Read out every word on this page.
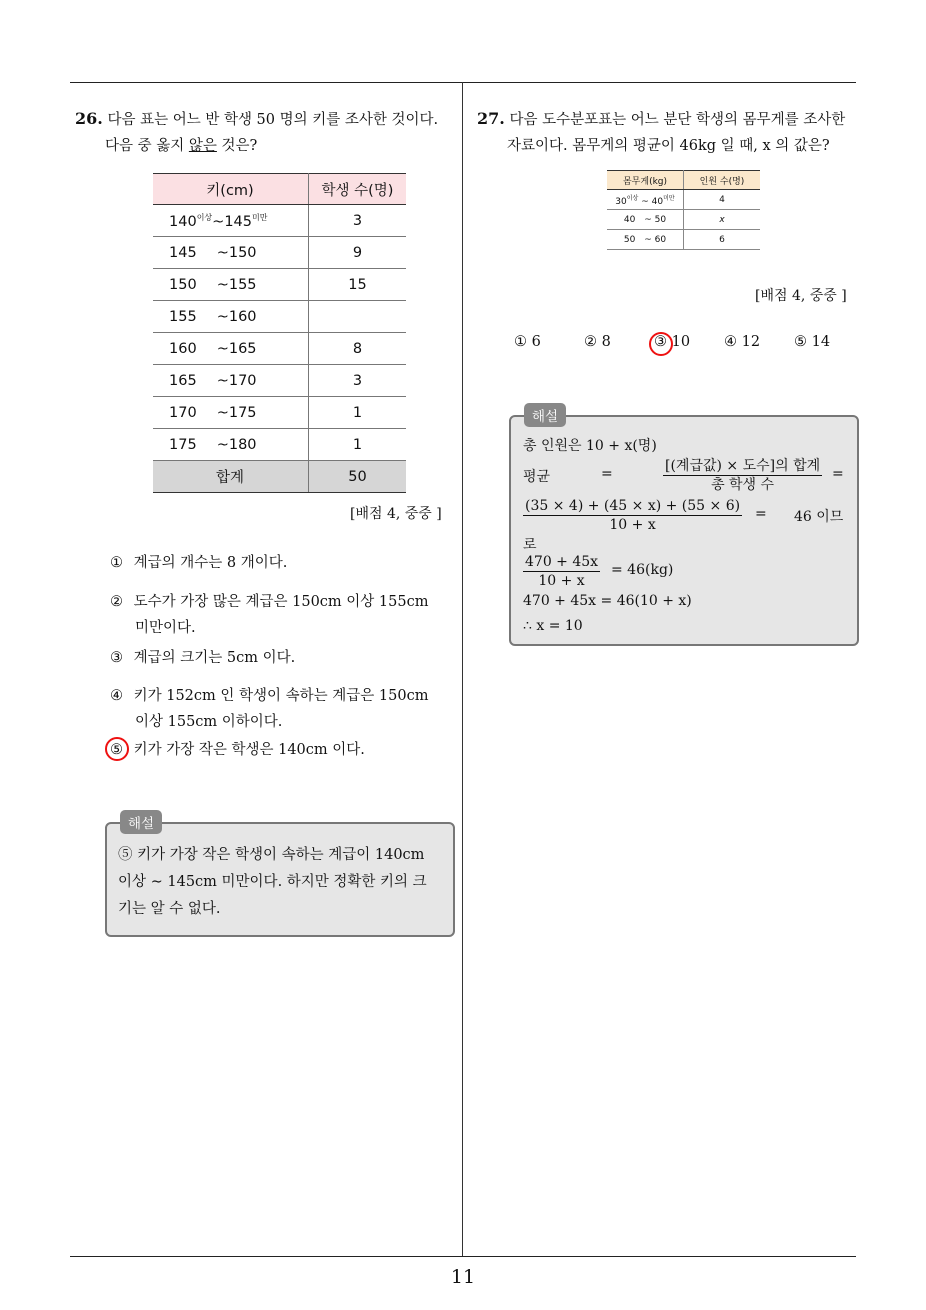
11
26. 다음 표는 어느 반 학생 50 명의 키를 조사한 것이다.
다음 중 옳지 않은 것은?
키(cm)	학생 수(명)
$140^{이상}\sim 145^{미만}$	3
145 ~150	9
150 ~155	15
155 ~160	
160 ~165	8
165 ~170	3
170 ~175	1
175 ~180	1
합계	50
[배점 4, 중중 ]
① 계급의 개수는 8 개이다.
② 도수가 가장 많은 계급은 150cm 이상 155cm
미만이다.
③ 계급의 크기는 5cm 이다.
④ 키가 152cm 인 학생이 속하는 계급은 150cm
이상 155cm 이하이다.
⑤ 키가 가장 작은 학생은 140cm 이다.
⑤ 키가 가장 작은 학생이 속하는 계급이 140cm
이상 ∼ 145cm 미만이다. 하지만 정확한 키의 크
기는 알 수 없다.
해설
27. 다음 도수분포표는 어느 분단 학생의 몸무게를 조사한
자료이다. 몸무게의 평균이 46kg 일 때, x 의 값은?
몸무게(kg)	인원 수(명)
$30^{이상}$ ~ $40^{미만}$	4
40 ~ 50	x
50 ~ 60	6
[배점 4, 중중 ]
① 6	② 8	③ 10 ④ 12 ⑤ 14
총 인원은 10 + x(명)
평균	=	[(계급값) × 도수]의 합계
총 학생 수
=
$\frac{(35 \times 4) + (45 \times x) + (55 \times 6)}{10 + x} = 46$ 이므
로
$\frac{470 + 45x}{10 + x} = 46(kg)$
470 + 45x = 46(10 + x)
∴ x = 10
해설
